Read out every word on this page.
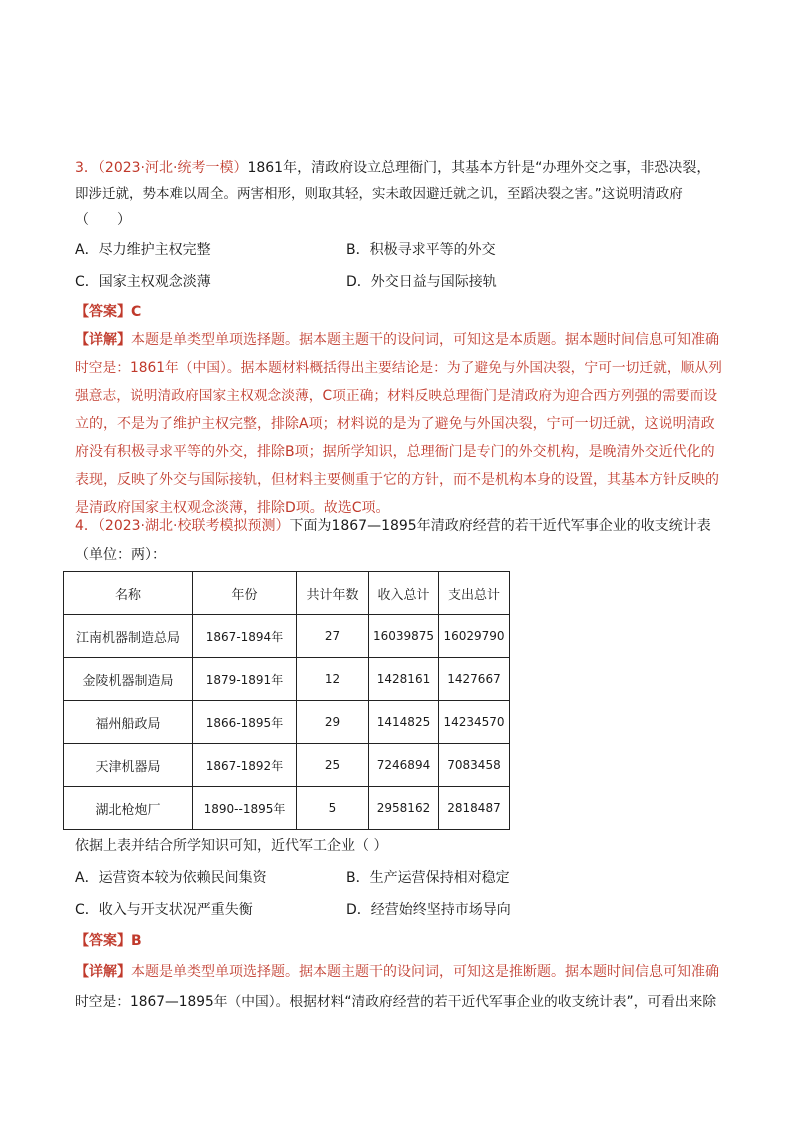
3．（2023·河北·统考一模）1861年，清政府设立总理衙门，其基本方针是“办理外交之事，非恐决裂，
即涉迁就，势本难以周全。两害相形，则取其轻，实未敢因避迁就之讥，至蹈决裂之害。”这说明清政府
（　　）
A．尽力维护主权完整	B．积极寻求平等的外交
C．国家主权观念淡薄	D．外交日益与国际接轨
【答案】C
【详解】本题是单类型单项选择题。据本题主题干的设问词，可知这是本质题。据本题时间信息可知准确
时空是：1861年（中国）。据本题材料概括得出主要结论是：为了避免与外国决裂，宁可一切迁就，顺从列
强意志，说明清政府国家主权观念淡薄，C项正确；材料反映总理衙门是清政府为迎合西方列强的需要而设
立的，不是为了维护主权完整，排除A项；材料说的是为了避免与外国决裂，宁可一切迁就，这说明清政
府没有积极寻求平等的外交，排除B项；据所学知识，总理衙门是专门的外交机构，是晚清外交近代化的
表现，反映了外交与国际接轨，但材料主要侧重于它的方针，而不是机构本身的设置，其基本方针反映的
是清政府国家主权观念淡薄，排除D项。故选C项。
4．（2023·湖北·校联考模拟预测）下面为1867—1895年清政府经营的若干近代军事企业的收支统计表
（单位：两）：
名称	年份	共计年数	收入总计	支出总计
江南机器制造总局	1867-1894年	27	16039875	16029790
金陵机器制造局	1879-1891年	12	1428161	1427667
福州船政局	1866-1895年	29	1414825	14234570
天津机器局	1867-1892年	25	7246894	7083458
湖北枪炮厂	1890--1895年	5	2958162	2818487
依据上表并结合所学知识可知，近代军工企业（ ）
A．运营资本较为依赖民间集资	B．生产运营保持相对稳定
C．收入与开支状况严重失衡	D．经营始终坚持市场导向
【答案】B
【详解】本题是单类型单项选择题。据本题主题干的设问词，可知这是推断题。据本题时间信息可知准确
时空是：1867—1895年（中国）。根据材料“清政府经营的若干近代军事企业的收支统计表”，可看出来除
